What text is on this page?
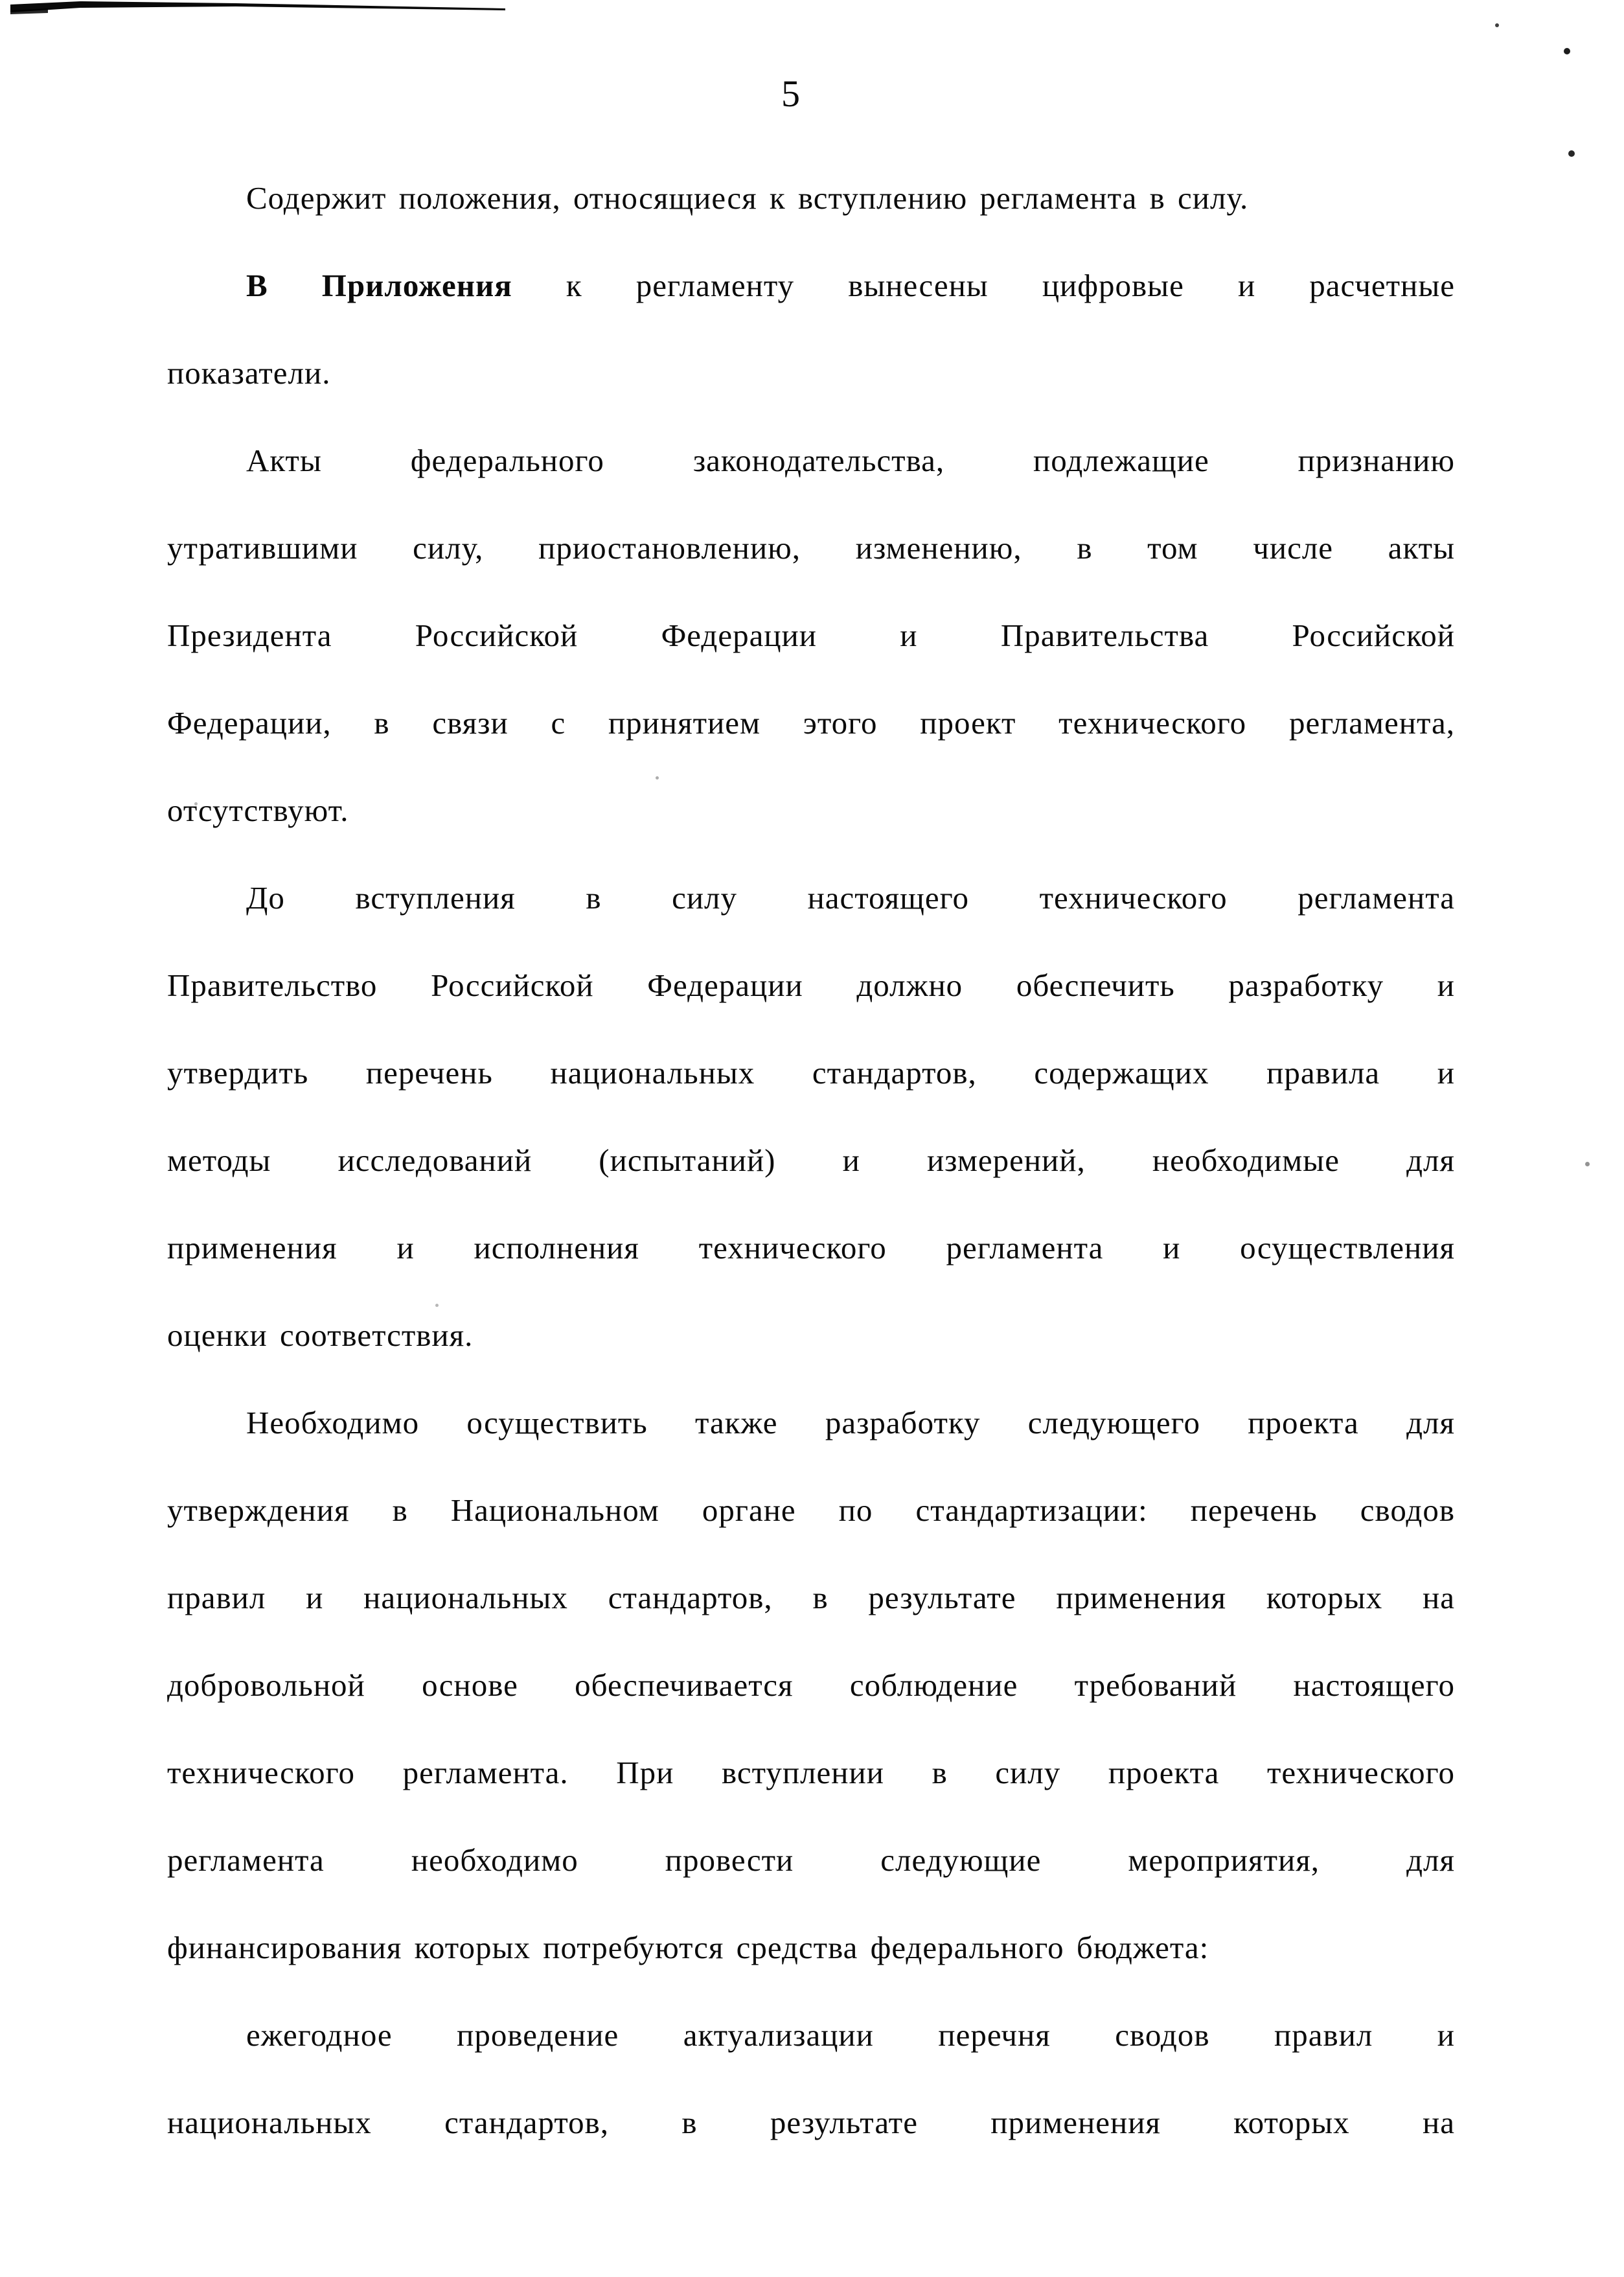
5
Содержит положения, относящиеся к вступлению регламента в силу.
В Приложения к регламенту вынесены цифровые и расчетные
показатели.
Акты федерального законодательства, подлежащие признанию
утратившими силу, приостановлению, изменению, в том числе акты
Президента Российской Федерации и Правительства Российской
Федерации, в связи с принятием этого проект технического регламента,
отсутствуют.
До вступления в силу настоящего технического регламента
Правительство Российской Федерации должно обеспечить разработку и
утвердить перечень национальных стандартов, содержащих правила и
методы исследований (испытаний) и измерений, необходимые для
применения и исполнения технического регламента и осуществления
оценки соответствия.
Необходимо осуществить также разработку следующего проекта для
утверждения в Национальном органе по стандартизации: перечень сводов
правил и национальных стандартов, в результате применения которых на
добровольной основе обеспечивается соблюдение требований настоящего
технического регламента. При вступлении в силу проекта технического
регламента необходимо провести следующие мероприятия, для
финансирования которых потребуются средства федерального бюджета:
ежегодное проведение актуализации перечня сводов правил и
национальных стандартов, в результате применения которых на
